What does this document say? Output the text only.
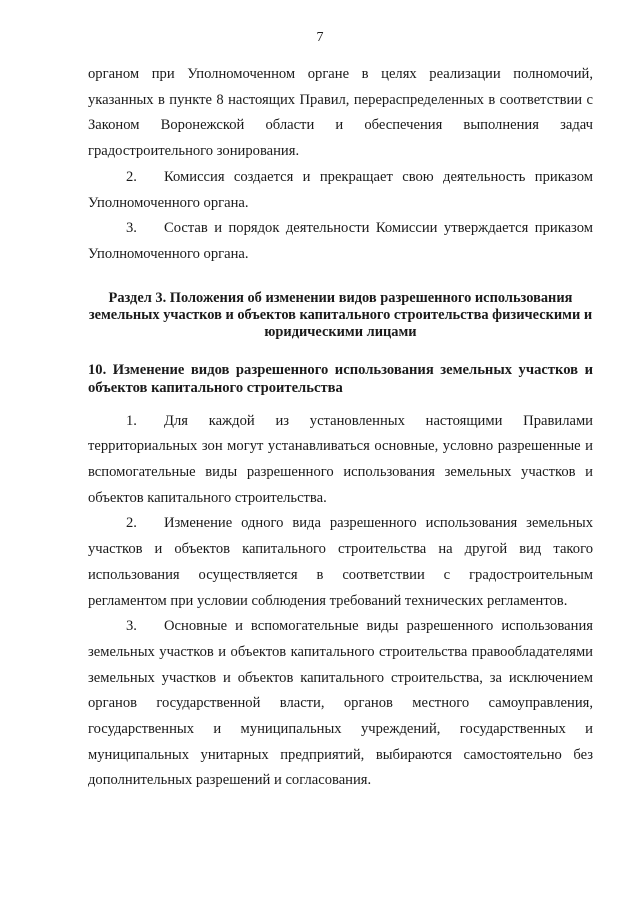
7

органом при Уполномоченном органе в целях реализации полномочий, указанных в пункте 8 настоящих Правил, перераспределенных в соответствии с Законом Воронежской области и обеспечения выполнения задач градостроительного зонирования.

2. Комиссия создается и прекращает свою деятельность приказом Уполномоченного органа.

3. Состав и порядок деятельности Комиссии утверждается приказом Уполномоченного органа.

Раздел 3. Положения об изменении видов разрешенного использования земельных участков и объектов капитального строительства физическими и юридическими лицами
10. Изменение видов разрешенного использования земельных участков и объектов капитального строительства

1. Для каждой из установленных настоящими Правилами территориальных зон могут устанавливаться основные, условно разрешенные и вспомогательные виды разрешенного использования земельных участков и объектов капитального строительства.

2. Изменение одного вида разрешенного использования земельных участков и объектов капитального строительства на другой вид такого использования осуществляется в соответствии с градостроительным регламентом при условии соблюдения требований технических регламентов.

3. Основные и вспомогательные виды разрешенного использования земельных участков и объектов капитального строительства правообладателями земельных участков и объектов капитального строительства, за исключением органов государственной власти, органов местного самоуправления, государственных и муниципальных учреждений, государственных и муниципальных унитарных предприятий, выбираются самостоятельно без дополнительных разрешений и согласования.
